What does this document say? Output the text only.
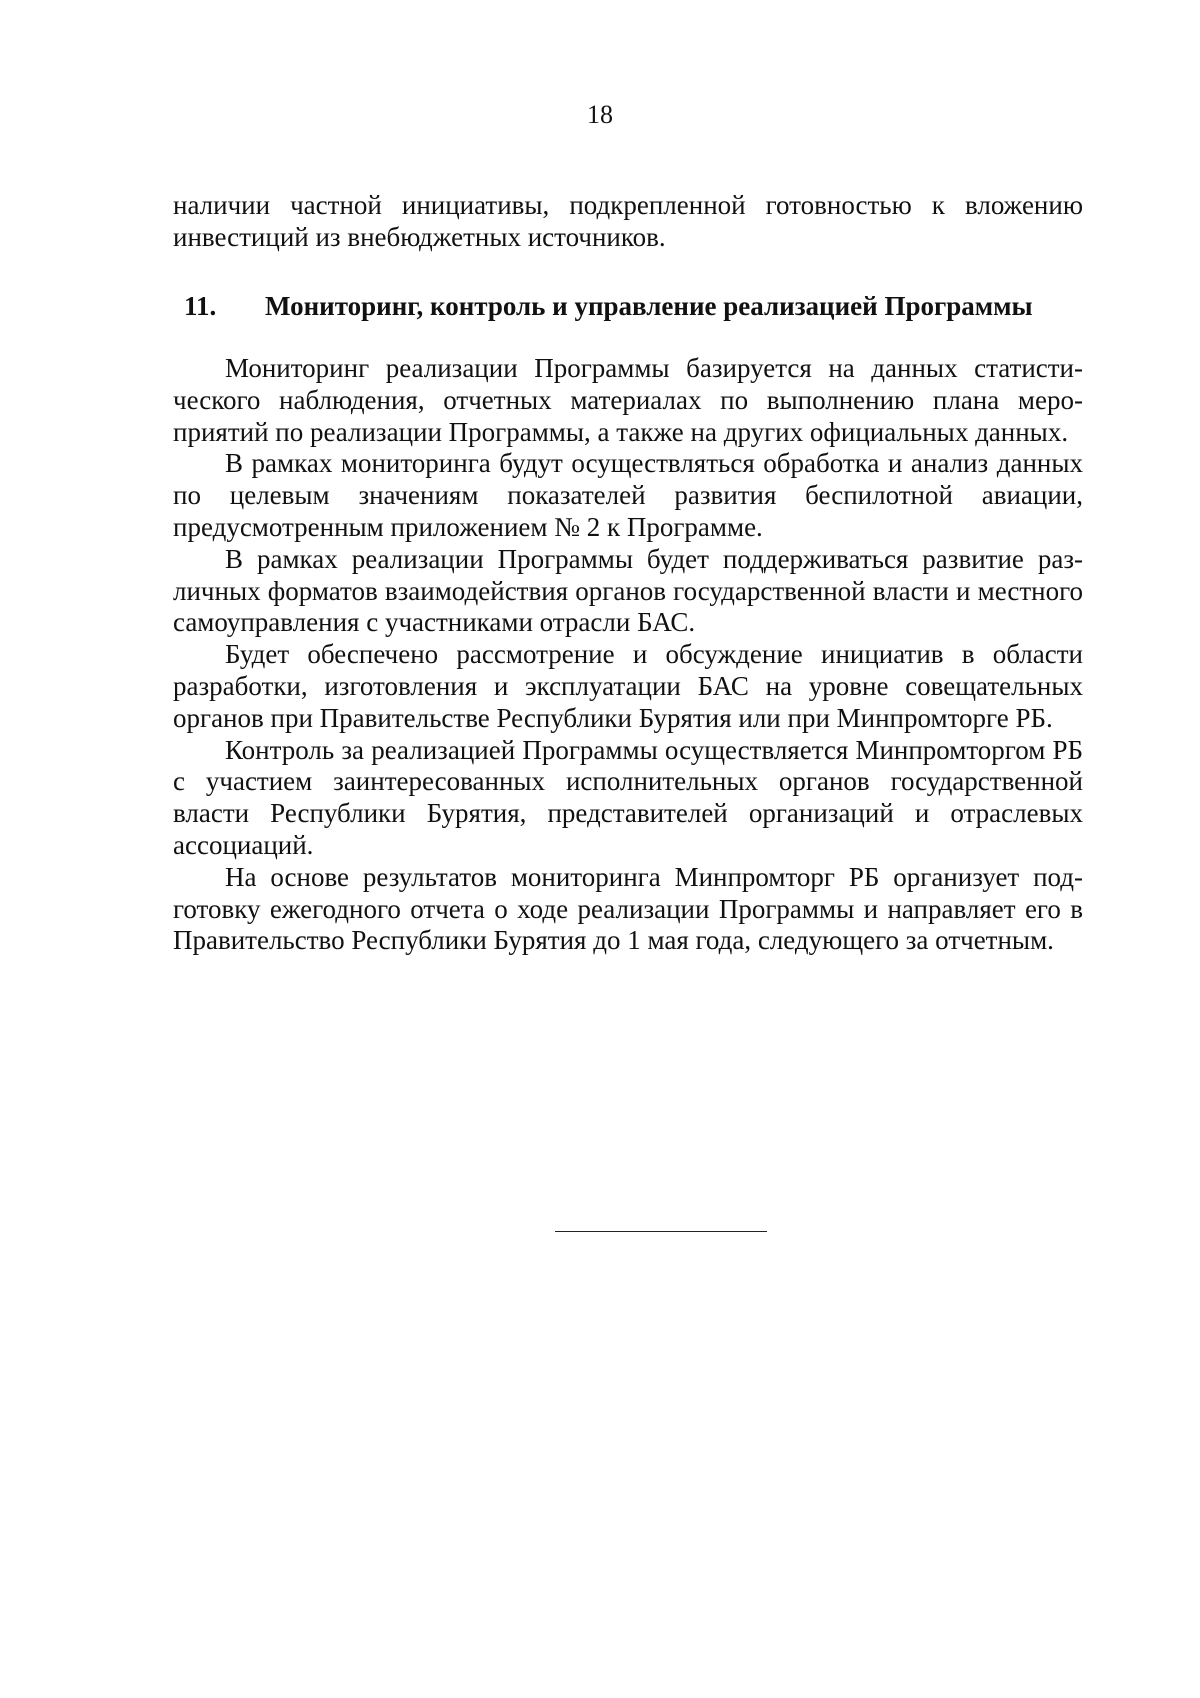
18
наличии частной инициативы, подкрепленной готовностью к вложению инвестиций из внебюджетных источников.
11. Мониторинг, контроль и управление реализацией Программы

Мониторинг реализации Программы базируется на данных статистического наблюдения, отчетных материалах по выполнению плана мероприятий по реализации Программы, а также на других официальных данных.

В рамках мониторинга будут осуществляться обработка и анализ данных по целевым значениям показателей развития беспилотной авиации, предусмотренным приложением № 2 к Программе.

В рамках реализации Программы будет поддерживаться развитие различных форматов взаимодействия органов государственной власти и местного самоуправления с участниками отрасли БАС.

Будет обеспечено рассмотрение и обсуждение инициатив в области разработки, изготовления и эксплуатации БАС на уровне совещательных органов при Правительстве Республики Бурятия или при Минпромторге РБ.

Контроль за реализацией Программы осуществляется Минпромторгом РБ с участием заинтересованных исполнительных органов государственной власти Республики Бурятия, представителей организаций и отраслевых ассоциаций.

На основе результатов мониторинга Минпромторг РБ организует подготовку ежегодного отчета о ходе реализации Программы и направляет его в Правительство Республики Бурятия до 1 мая года, следующего за отчетным.
